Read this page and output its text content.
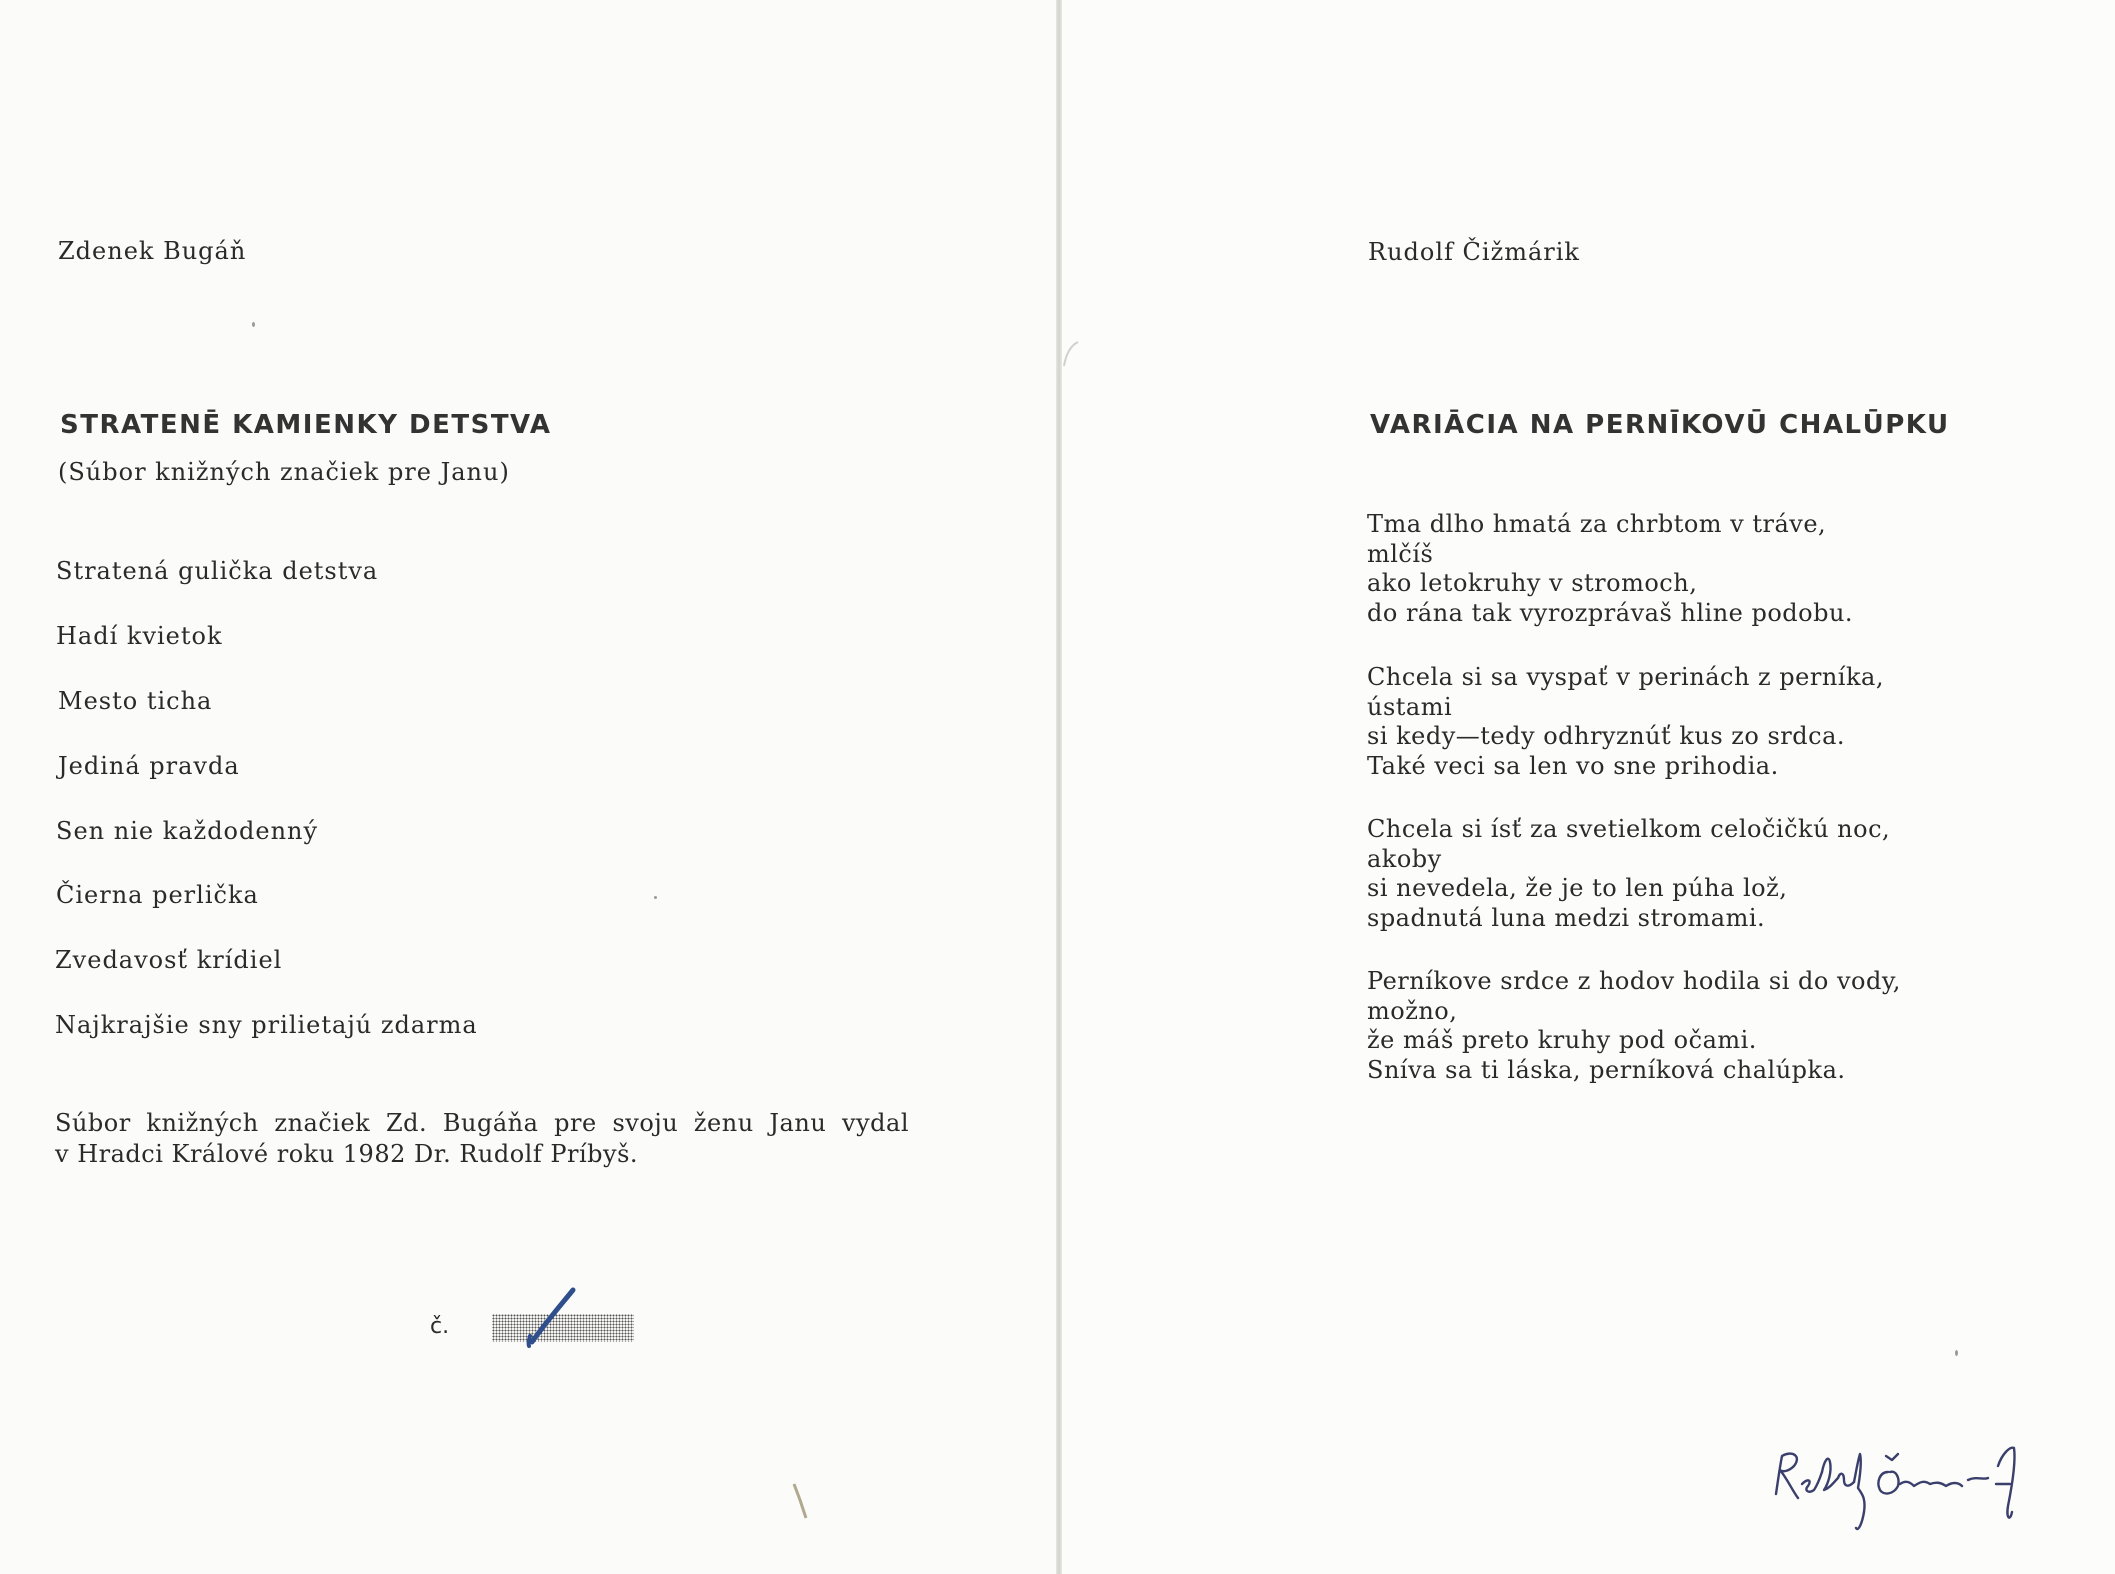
Zdenek Bugáň
STRATENĒ KAMIENKY DETSTVA
(Súbor knižných značiek pre Janu)
Stratená gulička detstva
Hadí kvietok
Mesto ticha
Jediná pravda
Sen nie každodenný
Čierna perlička
Zvedavosť krídiel
Najkrajšie sny prilietajú zdarma
Súbor knižných značiek Zd. Bugáňa pre svoju ženu Janu vydal
v Hradci Králové roku 1982 Dr. Rudolf Príbyš.
č.
Rudolf Čižmárik
VARIĀCIA NA PERNĪKOVŪ CHALŪPKU
Tma dlho hmatá za chrbtom v tráve,
mlčíš
ako letokruhy v stromoch,
do rána tak vyrozprávaš hline podobu.
Chcela si sa vyspať v perinách z perníka,
ústami
si kedy—tedy odhryznúť kus zo srdca.
Také veci sa len vo sne prihodia.
Chcela si ísť za svetielkom celočičkú noc,
akoby
si nevedela, že je to len púha lož,
spadnutá luna medzi stromami.
Perníkove srdce z hodov hodila si do vody,
možno,
že máš preto kruhy pod očami.
Sníva sa ti láska, perníková chalúpka.
